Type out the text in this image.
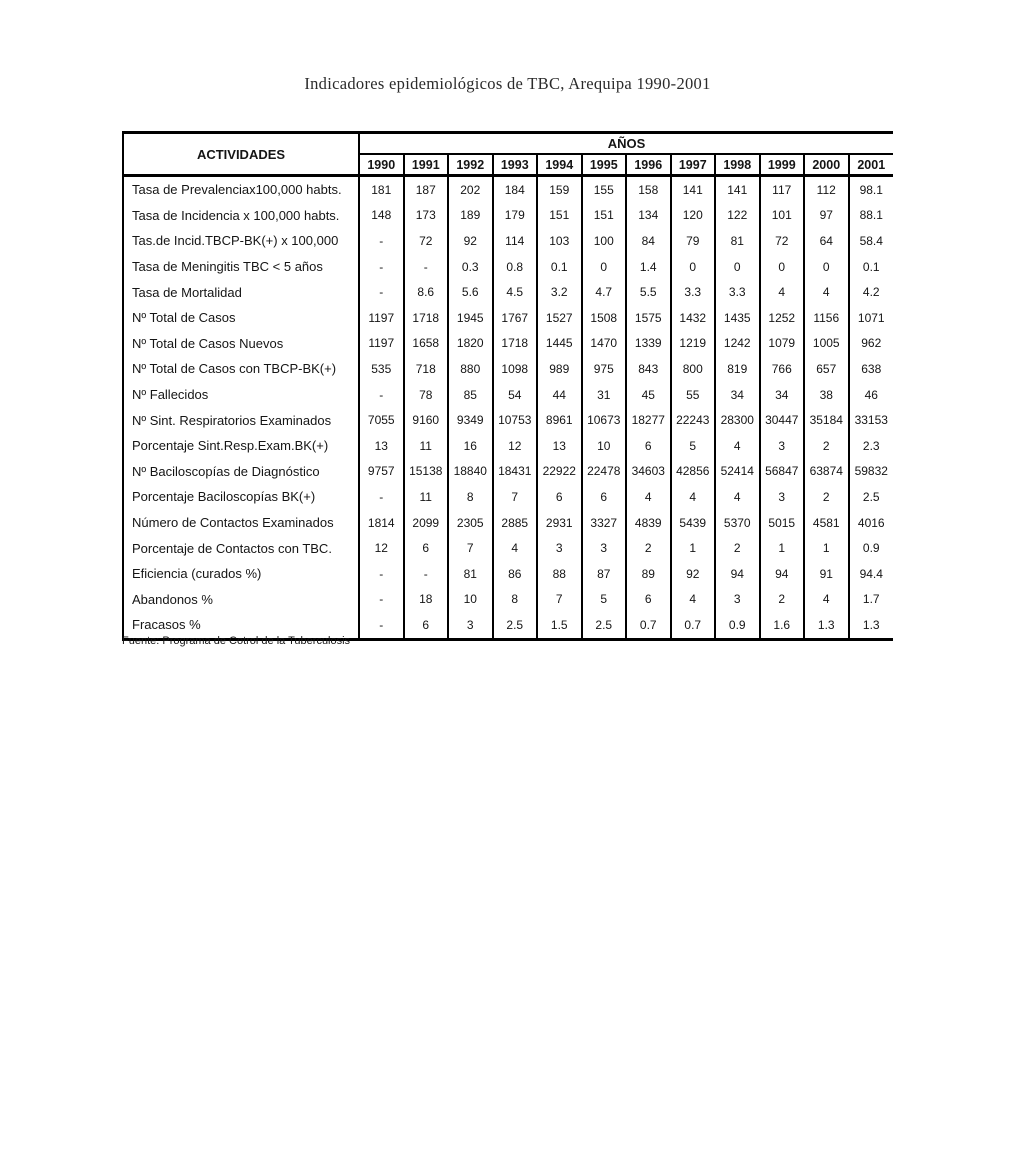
Indicadores epidemiológicos de TBC, Arequipa 1990-2001
ACTIVIDADES	AÑOS											
	1990	1991	1992	1993	1994	1995	1996	1997	1998	1999	2000	2001
Tasa de Prevalenciax100,000 habts.	181	187	202	184	159	155	158	141	141	117	112	98.1
Tasa de Incidencia x 100,000 habts.	148	173	189	179	151	151	134	120	122	101	97	88.1
Tas.de Incid.TBCP-BK(+) x 100,000	-	72	92	114	103	100	84	79	81	72	64	58.4
Tasa de Meningitis TBC < 5 años	-	-	0.3	0.8	0.1	0	1.4	0	0	0	0	0.1
Tasa de Mortalidad	-	8.6	5.6	4.5	3.2	4.7	5.5	3.3	3.3	4	4	4.2
Nº Total de Casos	1197	1718	1945	1767	1527	1508	1575	1432	1435	1252	1156	1071
Nº Total de Casos Nuevos	1197	1658	1820	1718	1445	1470	1339	1219	1242	1079	1005	962
Nº Total de Casos con TBCP-BK(+)	535	718	880	1098	989	975	843	800	819	766	657	638
Nº Fallecidos	-	78	85	54	44	31	45	55	34	34	38	46
Nº Sint. Respiratorios Examinados	7055	9160	9349	10753	8961	10673	18277	22243	28300	30447	35184	33153
Porcentaje Sint.Resp.Exam.BK(+)	13	11	16	12	13	10	6	5	4	3	2	2.3
Nº Baciloscopías de Diagnóstico	9757	15138	18840	18431	22922	22478	34603	42856	52414	56847	63874	59832
Porcentaje Baciloscopías BK(+)	-	11	8	7	6	6	4	4	4	3	2	2.5
Número de Contactos Examinados	1814	2099	2305	2885	2931	3327	4839	5439	5370	5015	4581	4016
Porcentaje de Contactos con TBC.	12	6	7	4	3	3	2	1	2	1	1	0.9
Eficiencia (curados %)	-	-	81	86	88	87	89	92	94	94	91	94.4
Abandonos %	-	18	10	8	7	5	6	4	3	2	4	1.7
Fracasos %	-	6	3	2.5	1.5	2.5	0.7	0.7	0.9	1.6	1.3	1.3
Fuente: Programa de Cotrol de la Tuberculosis
